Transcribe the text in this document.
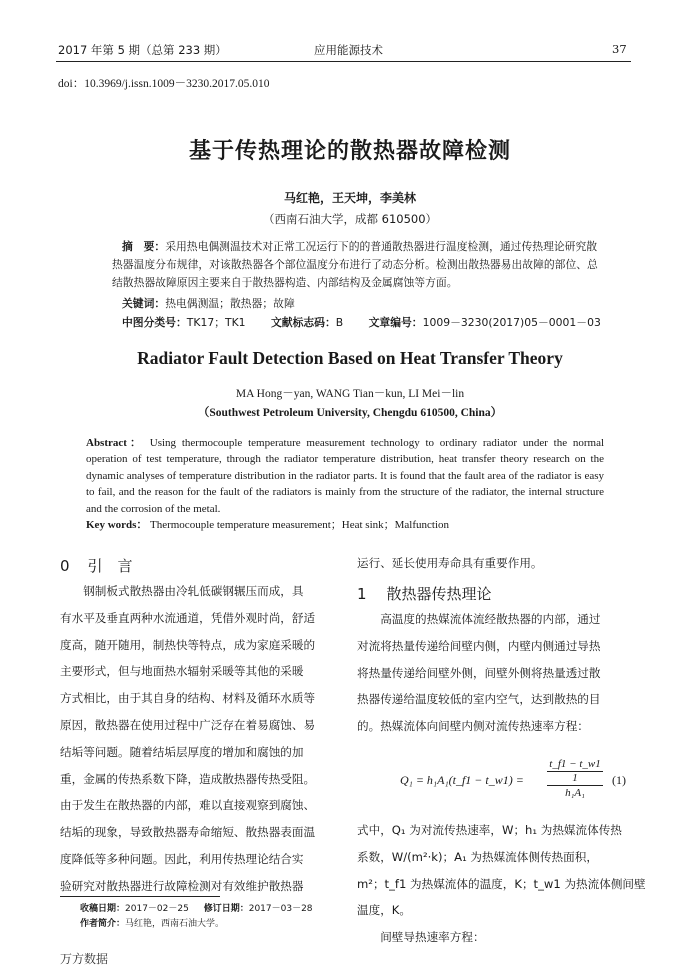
2017 年第 5 期（总第 233 期）	应用能源技术	37
doi：10.3969/j.issn.1009－3230.2017.05.010
基于传热理论的散热器故障检测
马红艳，王天坤，李美林
（西南石油大学，成都 610500）
摘　要：采用热电偶测温技术对正常工况运行下的的普通散热器进行温度检测，通过传热理论研究散热器温度分布规律，对该散热器各个部位温度分布进行了动态分析。检测出散热器易出故障的部位、总结散热器故障原因主要来自于散热器构造、内部结构及金属腐蚀等方面。
关键词：热电偶测温；散热器；故障
中图分类号：TK17；TK1 文献标志码：B 文章编号：1009－3230(2017)05－0001－03
Radiator Fault Detection Based on Heat Transfer Theory
MA Hong－yan, WANG Tian－kun, LI Mei－lin
（Southwest Petroleum University, Chengdu 610500, China）
Abstract： Using thermocouple temperature measurement technology to ordinary radiator under the normal operation of test temperature, through the radiator temperature distribution, heat transfer theory research on the dynamic analyses of temperature distribution in the radiator parts. It is found that the fault area of the radiator is easy to fail, and the reason for the fault of the radiators is mainly from the structure of the radiator, the internal structure and the corrosion of the metal.
Key words： Thermocouple temperature measurement；Heat sink；Malfunction
0 引　言
　　钢制板式散热器由冷轧低碳钢辗压而成，具
有水平及垂直两种水流通道，凭借外观时尚，舒适
度高，随开随用，制热快等特点，成为家庭采暖的
主要形式，但与地面热水辐射采暖等其他的采暖
方式相比，由于其自身的结构、材料及循环水质等
原因，散热器在使用过程中广泛存在着易腐蚀、易
结垢等问题。随着结垢层厚度的增加和腐蚀的加
重，金属的传热系数下降，造成散热器传热受阻。
由于发生在散热器的内部，难以直接观察到腐蚀、
结垢的现象，导致散热器寿命缩短、散热器表面温
度降低等多种问题。因此，利用传热理论结合实
验研究对散热器进行故障检测对有效维护散热器
收稿日期：2017－02－25 修订日期：2017－03－28
作者简介：马红艳，西南石油大学。
运行、延长使用寿命具有重要作用。
1 散热器传热理论
　　高温度的热媒流体流经散热器的内部，通过
对流将热量传递给间壁内侧，内壁内侧通过导热
将热量传递给间壁外侧，间壁外侧将热量透过散
热器传递给温度较低的室内空气，达到散热的目
的。热媒流体向间壁内侧对流传热速率方程：
Q₁ = h₁A₁(t_f1 − t_w1) =
t_f1 − t_w1
1
h₁A₁
(1)
式中，Q₁ 为对流传热速率，W；h₁ 为热媒流体传热
系数，W/(m²·k)；A₁ 为热媒流体侧传热面积，
m²；t_f1 为热媒流体的温度，K；t_w1 为热流体侧间壁
温度，K。
　　间壁导热速率方程：
万方数据
